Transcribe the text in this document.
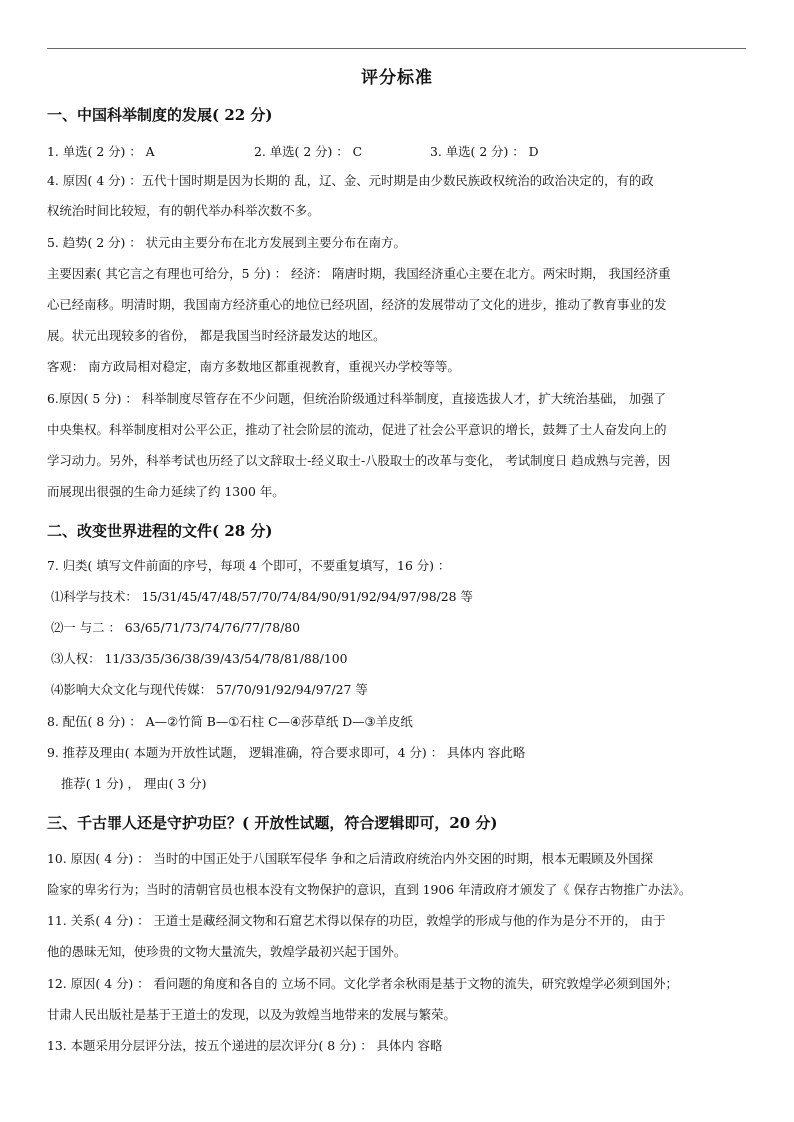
评分标准
一、中国科举制度的发展( 22 分)
1. 单选( 2 分) ： A	2. 单选( 2 分) ： C	3. 单选( 2 分) ： D
4. 原因( 4 分) ：五代十国时期是因为长期的 乱，辽、金、元时期是由少数民族政权统治的政治决定的，有的政
权统治时间比较短，有的朝代举办科举次数不多。
5. 趋势( 2 分) ： 状元由主要分布在北方发展到主要分布在南方。
主要因素( 其它言之有理也可给分，5 分) ： 经济： 隋唐时期，我国经济重心主要在北方。两宋时期， 我国经济重
心已经南移。明清时期，我国南方经济重心的地位已经巩固，经济的发展带动了文化的进步，推动了教育事业的发
展。状元出现较多的省份， 都是我国当时经济最发达的地区。
客观： 南方政局相对稳定，南方多数地区都重视教育，重视兴办学校等等。
6.原因( 5 分) ： 科举制度尽管存在不少问题，但统治阶级通过科举制度，直接选拔人才，扩大统治基础， 加强了
中央集权。科举制度相对公平公正，推动了社会阶层的流动，促进了社会公平意识的增长，鼓舞了士人奋发向上的
学习动力。另外，科举考试也历经了以文辞取士-经义取士-八股取士的改革与变化， 考试制度日 趋成熟与完善，因
而展现出很强的生命力延续了约 1300 年。
二、改变世界进程的文件( 28 分)
7. 归类( 填写文件前面的序号，每项 4 个即可，不要重复填写，16 分) ：
⑴科学与技术： 15/31/45/47/48/57/70/74/84/90/91/92/94/97/98/28 等
⑵一 与二 ： 63/65/71/73/74/76/77/78/80
⑶人权： 11/33/35/36/38/39/43/54/78/81/88/100
⑷影响大众文化与现代传媒： 57/70/91/92/94/97/27 等
8. 配伍( 8 分) ： A—②竹简 B—①石柱 C—④莎草纸 D—③羊皮纸
9. 推荐及理由( 本题为开放性试题， 逻辑准确，符合要求即可，4 分) ： 具体内 容此略
推荐( 1 分) ， 理由( 3 分)
三、千古罪人还是守护功臣？( 开放性试题，符合逻辑即可，20 分)
10. 原因( 4 分) ： 当时的中国正处于八国联军侵华 争和之后清政府统治内外交困的时期，根本无暇顾及外国探
险家的卑劣行为；当时的清朝官员也根本没有文物保护的意识，直到 1906 年清政府才颁发了《 保存古物推广办法》。
11. 关系( 4 分) ： 王道士是藏经洞文物和石窟艺术得以保存的功臣，敦煌学的形成与他的作为是分不开的， 由于
他的愚昧无知，使珍贵的文物大量流失，敦煌学最初兴起于国外。
12. 原因( 4 分) ： 看问题的角度和各自的 立场不同。文化学者余秋雨是基于文物的流失，研究敦煌学必须到国外；
甘肃人民出版社是基于王道士的发现，以及为敦煌当地带来的发展与繁荣。
13. 本题采用分层评分法，按五个递进的层次评分( 8 分) ： 具体内 容略
